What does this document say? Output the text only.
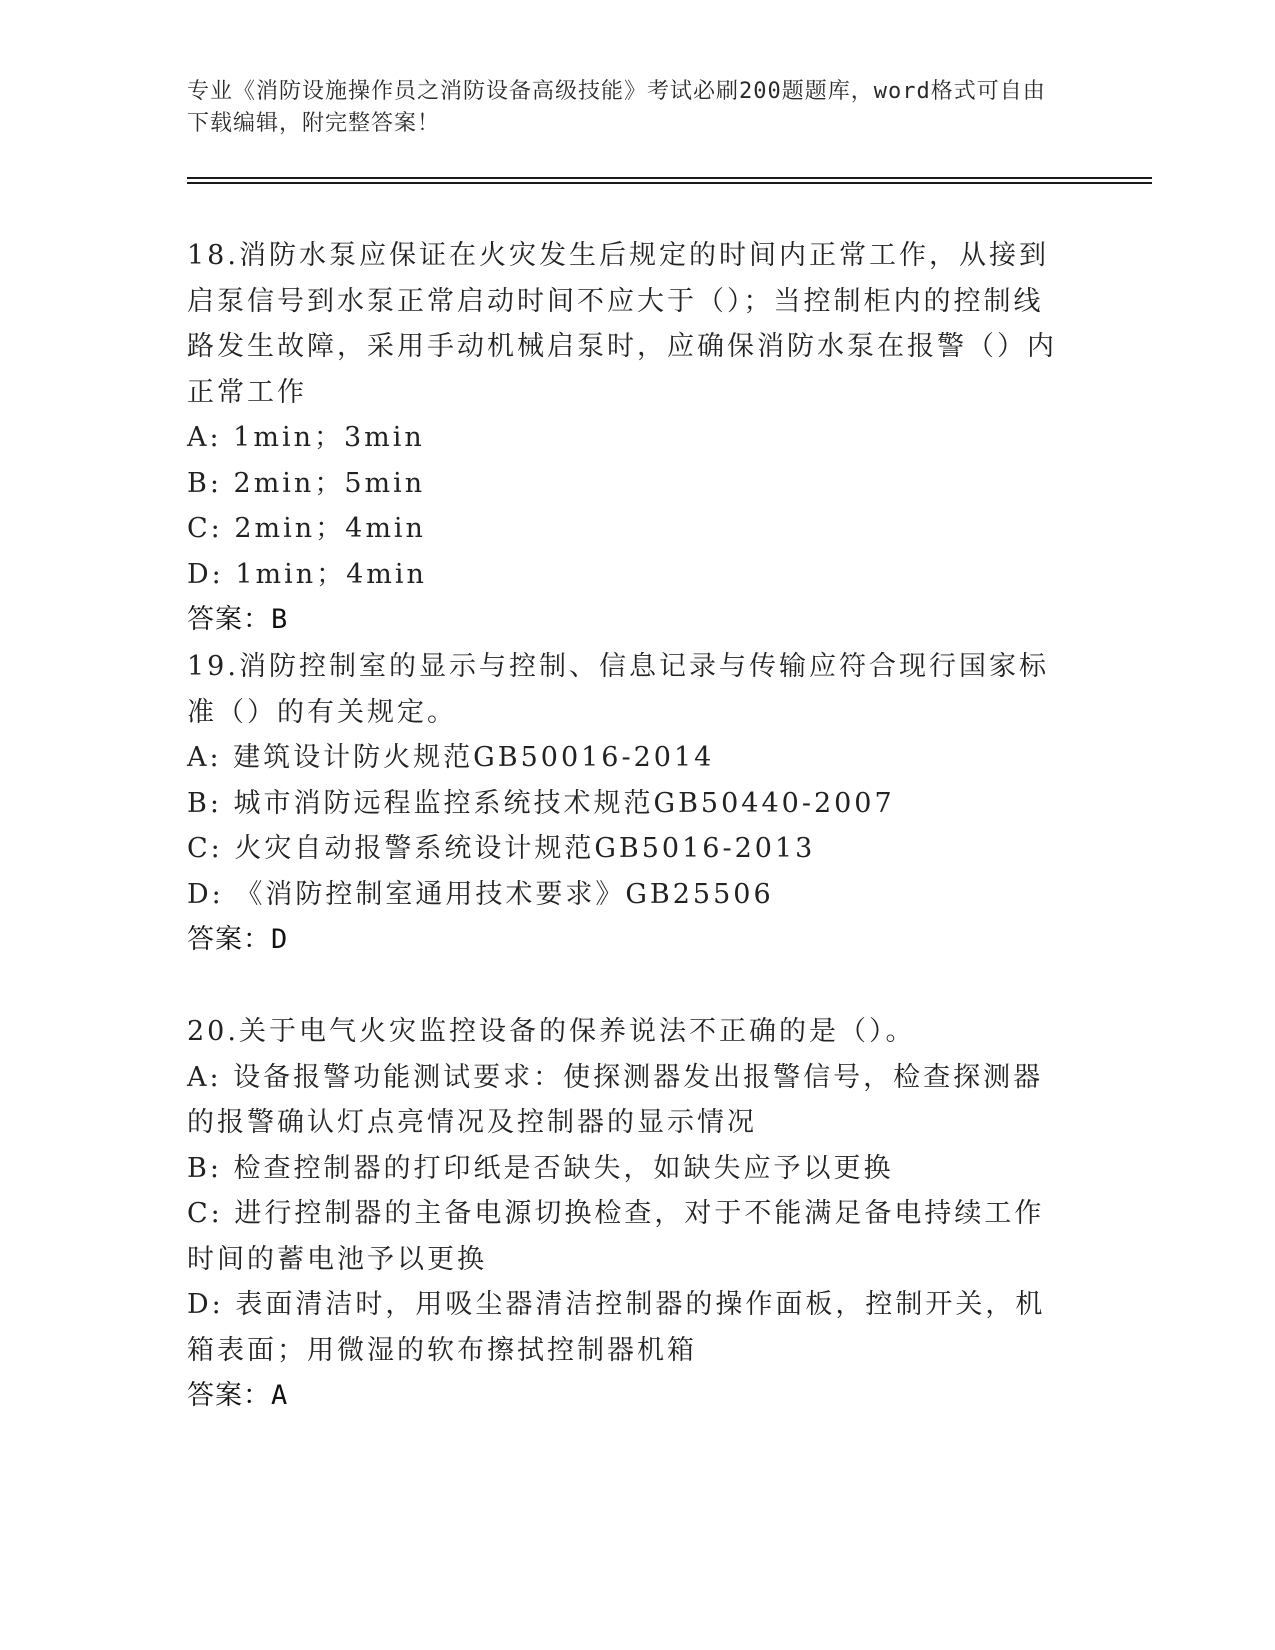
专业《消防设施操作员之消防设备高级技能》考试必刷200题题库，word格式可自由下载编辑，附完整答案！

18.消防水泵应保证在火灾发生后规定的时间内正常工作，从接到启泵信号到水泵正常启动时间不应大于（）；当控制柜内的控制线路发生故障，采用手动机械启泵时，应确保消防水泵在报警（）内正常工作

A: 1min；3min

B: 2min；5min

C: 2min；4min

D: 1min；4min

答案：B

19.消防控制室的显示与控制、信息记录与传输应符合现行国家标准（）的有关规定。

A: 建筑设计防火规范GB50016-2014

B: 城市消防远程监控系统技术规范GB50440-2007

C: 火灾自动报警系统设计规范GB5016-2013

D: 《消防控制室通用技术要求》GB25506

答案：D

20.关于电气火灾监控设备的保养说法不正确的是（）。

A: 设备报警功能测试要求：使探测器发出报警信号，检查探测器的报警确认灯点亮情况及控制器的显示情况

B: 检查控制器的打印纸是否缺失，如缺失应予以更换

C: 进行控制器的主备电源切换检查，对于不能满足备电持续工作时间的蓄电池予以更换

D: 表面清洁时，用吸尘器清洁控制器的操作面板，控制开关，机箱表面；用微湿的软布擦拭控制器机箱

答案：A
